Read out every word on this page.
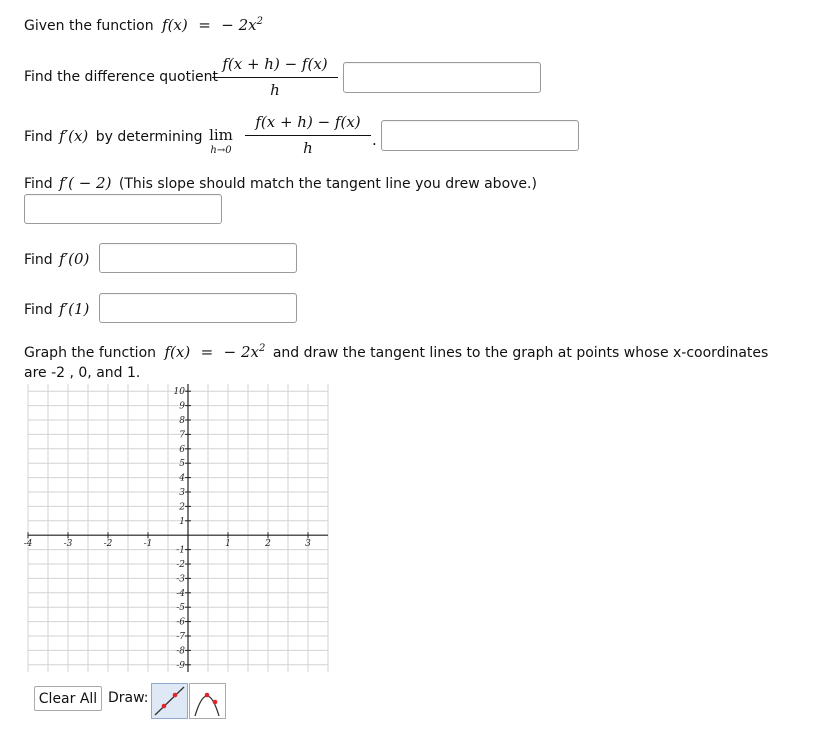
Given the function f(x) = − $2x^2$
Find the difference quotient
f(x + h) − f(x)
h
Find f′(x) by determining lim
h→0
f(x + h) − f(x)
h	.
Find f′( − 2) (This slope should match the tangent line you drew above.)
Find f′(0)
Find f′(1)
Graph the function f(x) = − $2x^2$ and draw the tangent lines to the graph at points whose x-coordinates
are -2 , 0, and 1.
-4	-3	-2	-1	1	2	3
10
9
8
7
6
5
4
3
2
1
-1
-2
-3
-4
-5
-6
-7
-8
-9
Clear All Draw:
